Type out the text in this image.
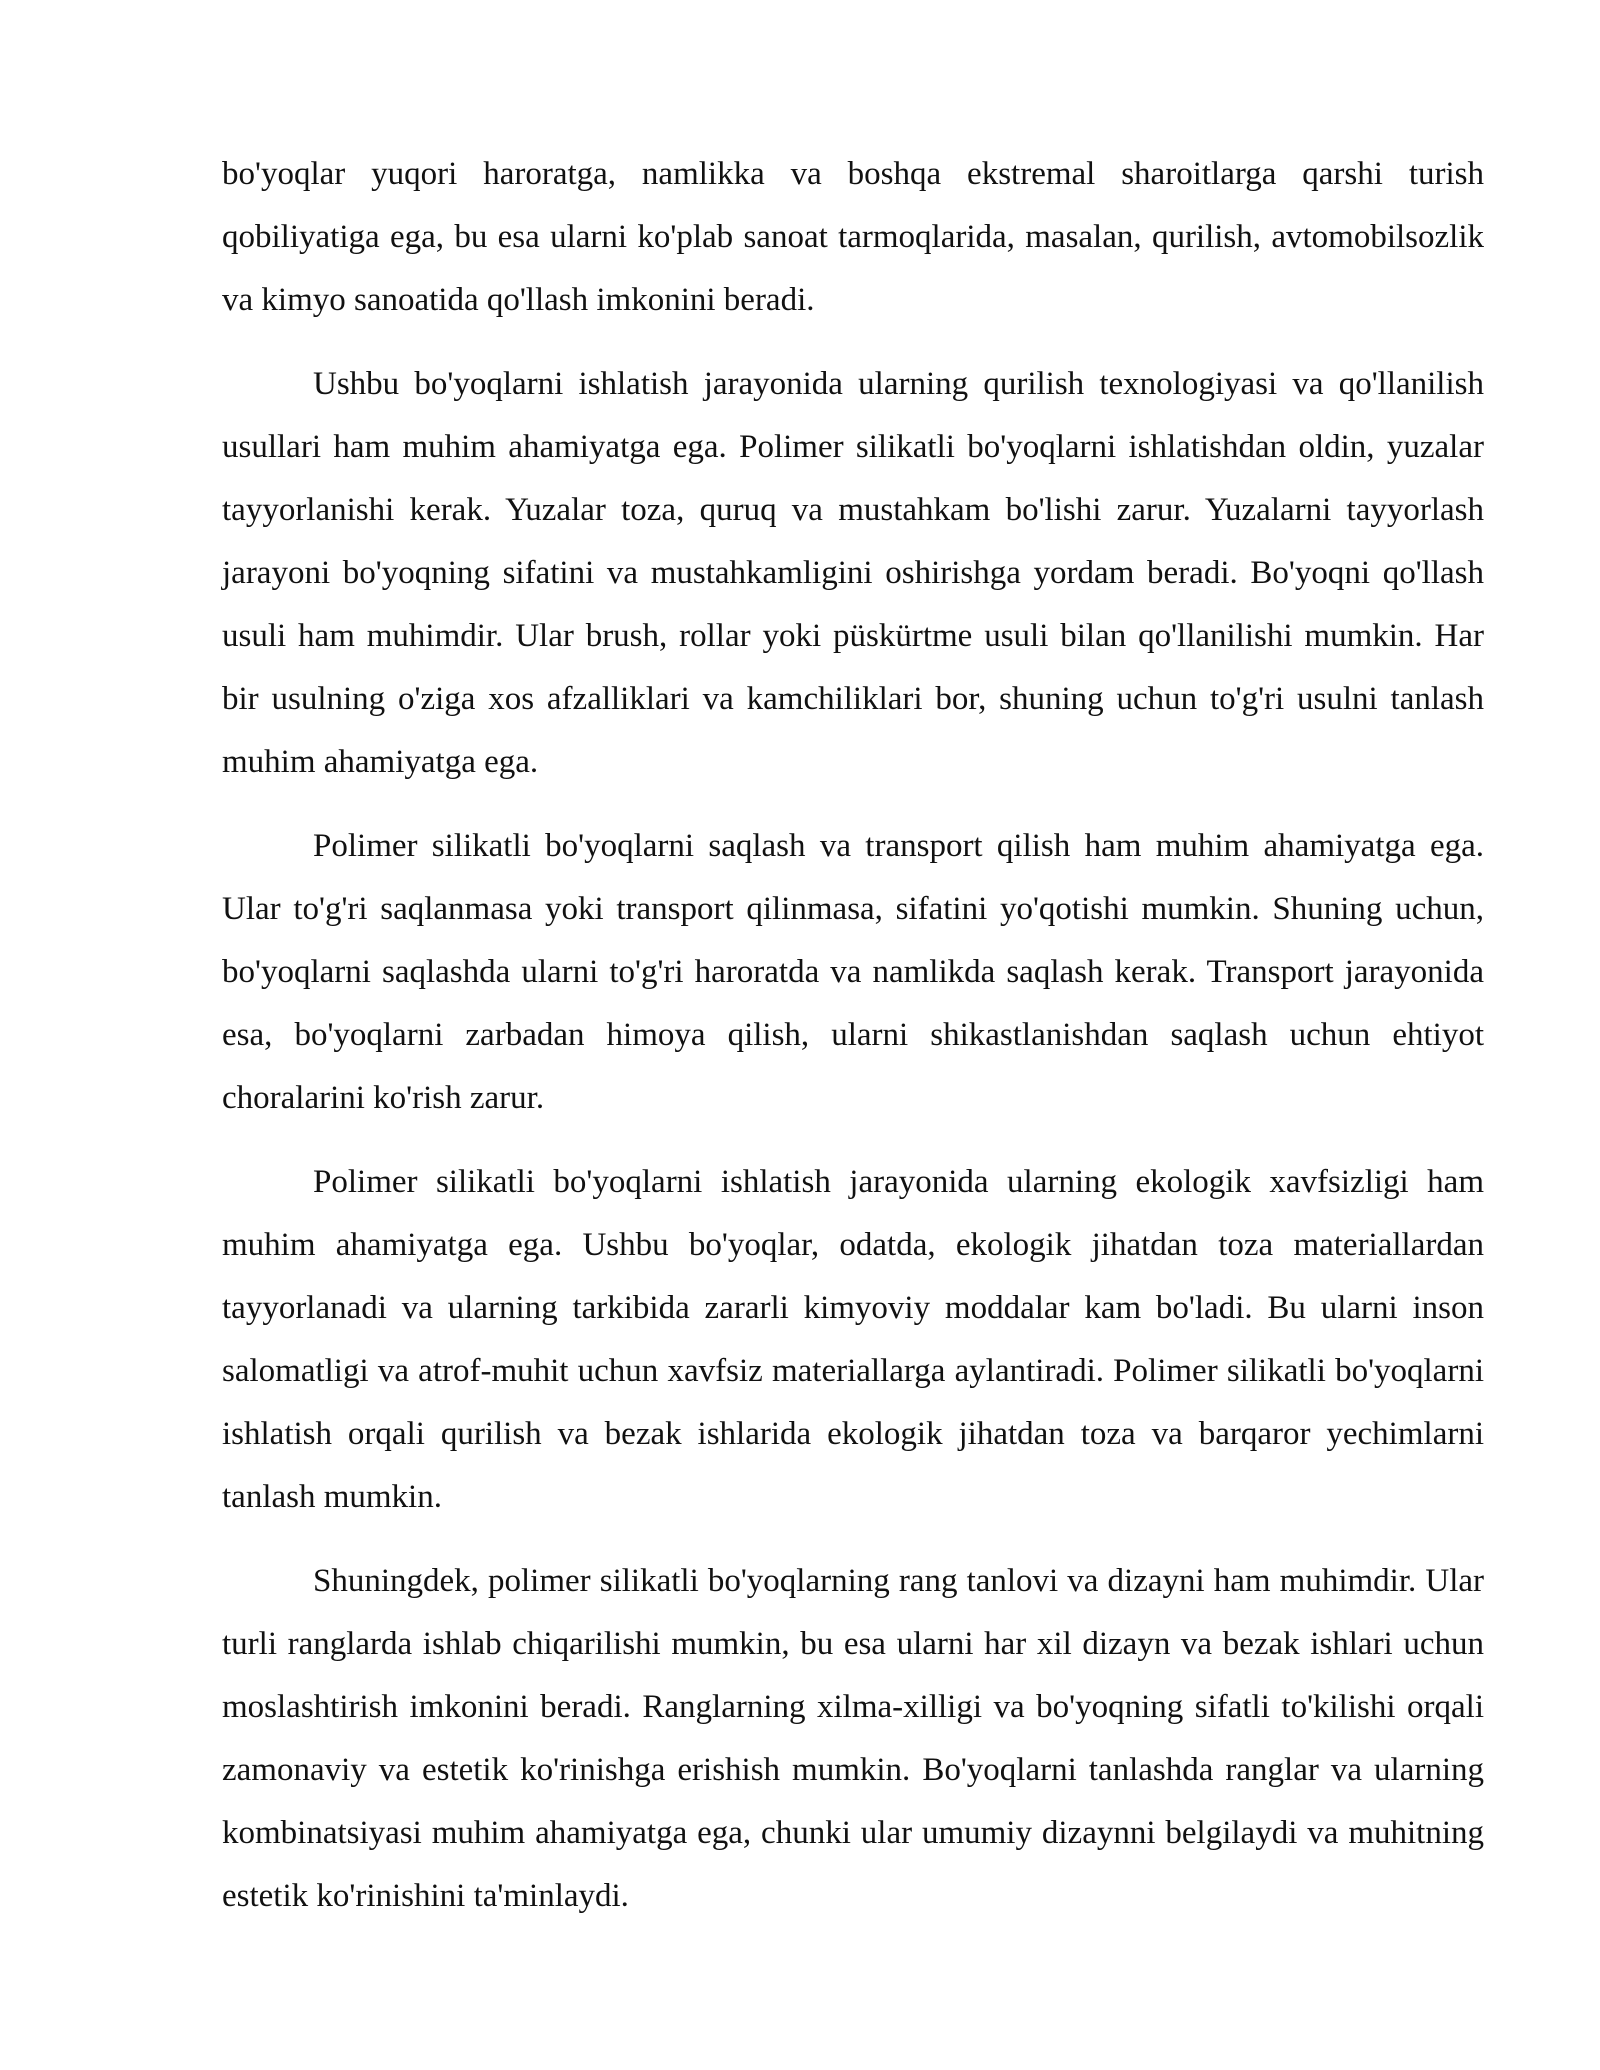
bo'yoqlar yuqori haroratga, namlikka va boshqa ekstremal sharoitlarga qarshi turish qobiliyatiga ega, bu esa ularni ko'plab sanoat tarmoqlarida, masalan, qurilish, avtomobilsozlik va kimyo sanoatida qo'llash imkonini beradi.

Ushbu bo'yoqlarni ishlatish jarayonida ularning qurilish texnologiyasi va qo'llanilish usullari ham muhim ahamiyatga ega. Polimer silikatli bo'yoqlarni ishlatishdan oldin, yuzalar tayyorlanishi kerak. Yuzalar toza, quruq va mustahkam bo'lishi zarur. Yuzalarni tayyorlash jarayoni bo'yoqning sifatini va mustahkamligini oshirishga yordam beradi. Bo'yoqni qo'llash usuli ham muhimdir. Ular brush, rollar yoki püskürtme usuli bilan qo'llanilishi mumkin. Har bir usulning o'ziga xos afzalliklari va kamchiliklari bor, shuning uchun to'g'ri usulni tanlash muhim ahamiyatga ega.

Polimer silikatli bo'yoqlarni saqlash va transport qilish ham muhim ahamiyatga ega. Ular to'g'ri saqlanmasa yoki transport qilinmasa, sifatini yo'qotishi mumkin. Shuning uchun, bo'yoqlarni saqlashda ularni to'g'ri haroratda va namlikda saqlash kerak. Transport jarayonida esa, bo'yoqlarni zarbadan himoya qilish, ularni shikastlanishdan saqlash uchun ehtiyot choralarini ko'rish zarur.

Polimer silikatli bo'yoqlarni ishlatish jarayonida ularning ekologik xavfsizligi ham muhim ahamiyatga ega. Ushbu bo'yoqlar, odatda, ekologik jihatdan toza materiallardan tayyorlanadi va ularning tarkibida zararli kimyoviy moddalar kam bo'ladi. Bu ularni inson salomatligi va atrof-muhit uchun xavfsiz materiallarga aylantiradi. Polimer silikatli bo'yoqlarni ishlatish orqali qurilish va bezak ishlarida ekologik jihatdan toza va barqaror yechimlarni tanlash mumkin.

Shuningdek, polimer silikatli bo'yoqlarning rang tanlovi va dizayni ham muhimdir. Ular turli ranglarda ishlab chiqarilishi mumkin, bu esa ularni har xil dizayn va bezak ishlari uchun moslashtirish imkonini beradi. Ranglarning xilma-xilligi va bo'yoqning sifatli to'kilishi orqali zamonaviy va estetik ko'rinishga erishish mumkin. Bo'yoqlarni tanlashda ranglar va ularning kombinatsiyasi muhim ahamiyatga ega, chunki ular umumiy dizaynni belgilaydi va muhitning estetik ko'rinishini ta'minlaydi.
